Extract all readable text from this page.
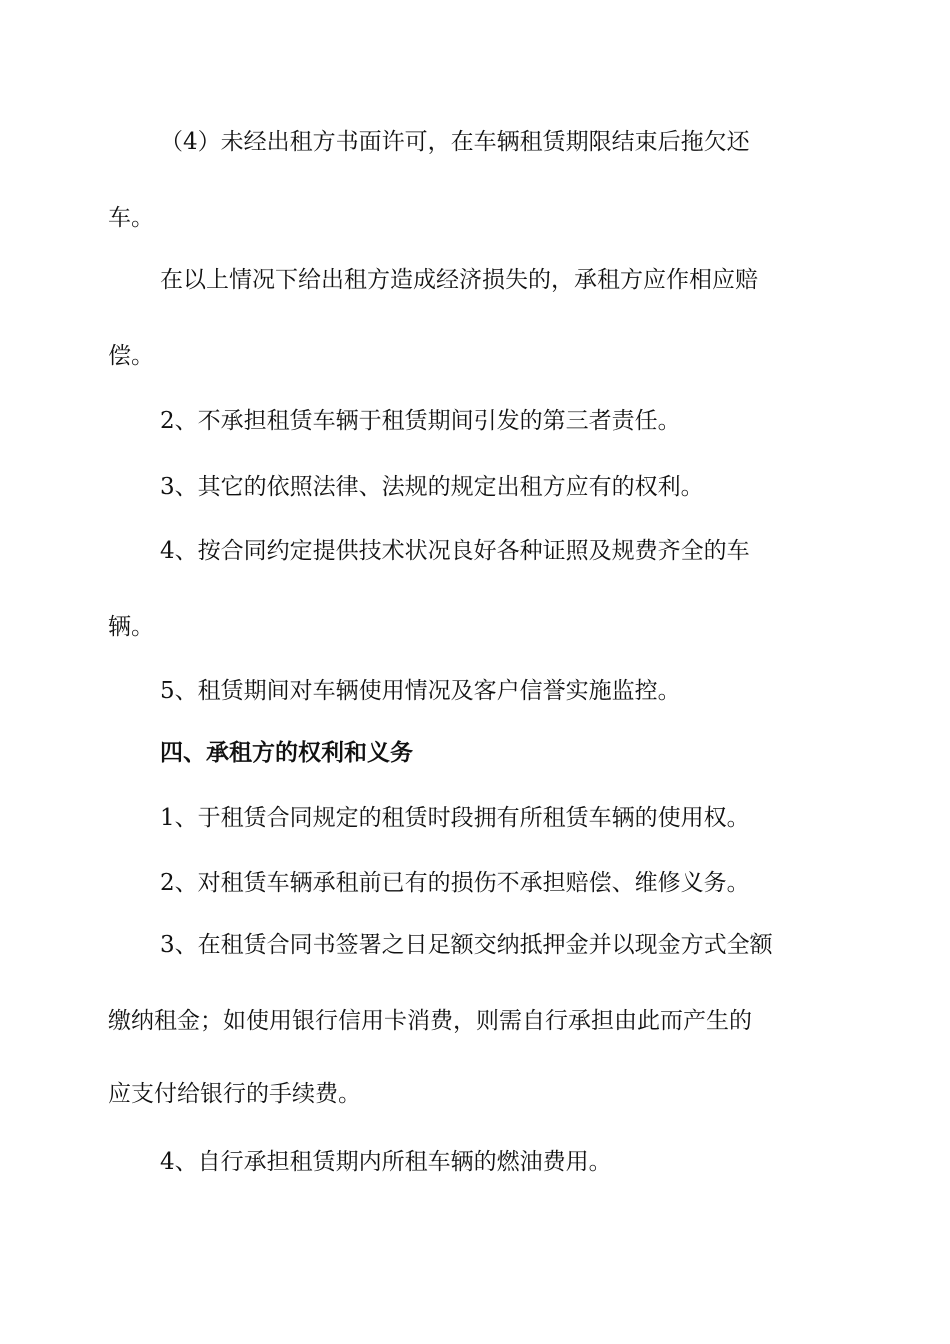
（4）未经出租方书面许可，在车辆租赁期限结束后拖欠还
车。
在以上情况下给出租方造成经济损失的，承租方应作相应赔
偿。
2、不承担租赁车辆于租赁期间引发的第三者责任。
3、其它的依照法律、法规的规定出租方应有的权利。
4、按合同约定提供技术状况良好各种证照及规费齐全的车
辆。
5、租赁期间对车辆使用情况及客户信誉实施监控。
四、承租方的权利和义务
1、于租赁合同规定的租赁时段拥有所租赁车辆的使用权。
2、对租赁车辆承租前已有的损伤不承担赔偿、维修义务。
3、在租赁合同书签署之日足额交纳抵押金并以现金方式全额
缴纳租金；如使用银行信用卡消费，则需自行承担由此而产生的
应支付给银行的手续费。
4、自行承担租赁期内所租车辆的燃油费用。
